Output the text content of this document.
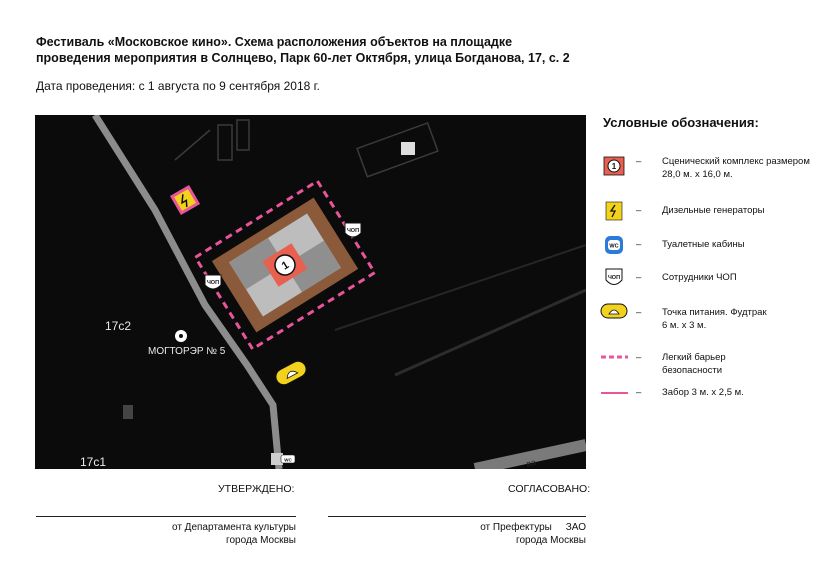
Фестиваль «Московское кино». Схема расположения объектов на площадке
проведения мероприятия в Солнцево, Парк 60-лет Октября, улица Богданова, 17, с. 2
Дата проведения: с 1 августа по 9 сентября 2018 г.
ва
1
ЧОП
ЧОП
WC
17с2
17с1
МОГТОРЭР № 5
Условные обозначения:
1 – Сценический комплекс размером 28,0 м. х 16,0 м.
– Дизельные генераторы
WC – Туалетные кабины
ЧОП – Сотрудники ЧОП
– Точка питания. Фудтрак 6 м. х 3 м.
– Легкий барьер безопасности
– Забор 3 м. х 2,5 м.
УТВЕРЖДЕНО:	СОГЛАСОВАНО:
от Департамента культуры
города Москвы
от Префектуры     ЗАО
города Москвы
